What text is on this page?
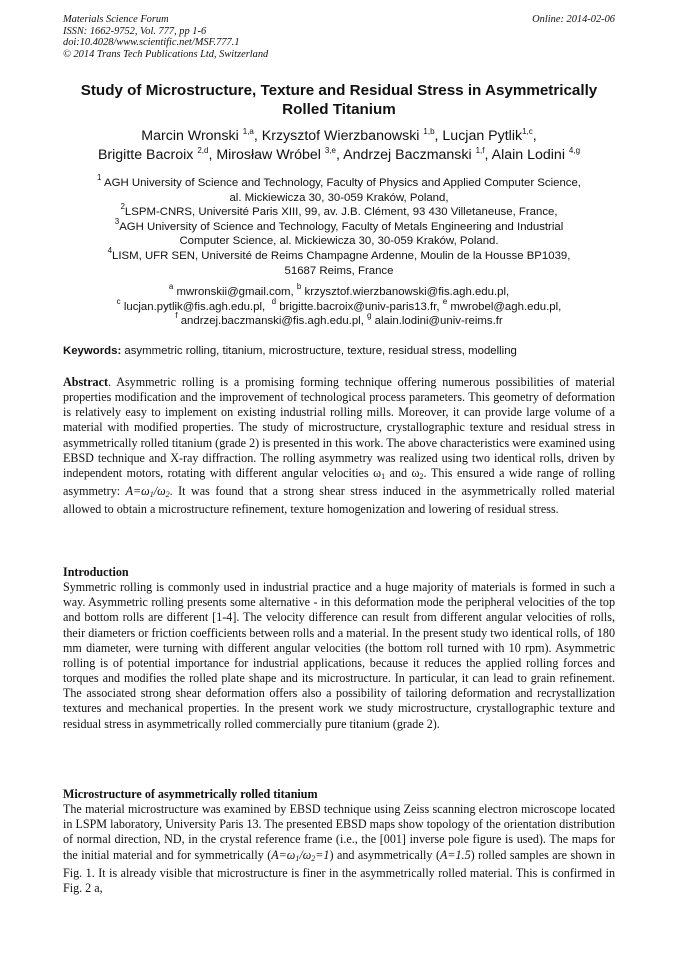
Materials Science Forum
ISSN: 1662-9752, Vol. 777, pp 1-6
doi:10.4028/www.scientific.net/MSF.777.1
© 2014 Trans Tech Publications Ltd, Switzerland
Online: 2014-02-06
Study of Microstructure, Texture and Residual Stress in Asymmetrically
Rolled Titanium
Marcin Wronski $^{1,a}$, Krzysztof Wierzbanowski $^{1,b}$, Lucjan Pytlik$^{1,c}$,
Brigitte Bacroix $^{2,d}$, Mirosław Wróbel $^{3,e}$, Andrzej Baczmanski $^{1,f}$, Alain Lodini $^{4,g}$
$^1$ AGH University of Science and Technology, Faculty of Physics and Applied Computer Science,
al. Mickiewicza 30, 30-059 Kraków, Poland,
$^2$LSPM-CNRS, Université Paris XIII, 99, av. J.B. Clément, 93 430 Villetaneuse, France,
$^3$AGH University of Science and Technology, Faculty of Metals Engineering and Industrial
Computer Science, al. Mickiewicza 30, 30-059 Kraków, Poland.
$^4$LISM, UFR SEN, Université de Reims Champagne Ardenne, Moulin de la Housse BP1039,
51687 Reims, France
$^a$ mwronskii@gmail.com, $^b$ krzysztof.wierzbanowski@fis.agh.edu.pl,
$^c$ lucjan.pytlik@fis.agh.edu.pl, $^d$ brigitte.bacroix@univ-paris13.fr, $^e$ mwrobel@agh.edu.pl,
$^f$ andrzej.baczmanski@fis.agh.edu.pl, $^g$ alain.lodini@univ-reims.fr
Keywords: asymmetric rolling, titanium, microstructure, texture, residual stress, modelling

Abstract. Asymmetric rolling is a promising forming technique offering numerous possibilities of material properties modification and the improvement of technological process parameters. This geometry of deformation is relatively easy to implement on existing industrial rolling mills. Moreover, it can provide large volume of a material with modified properties. The study of microstructure, crystallographic texture and residual stress in asymmetrically rolled titanium (grade 2) is presented in this work. The above characteristics were examined using EBSD technique and X-ray diffraction. The rolling asymmetry was realized using two identical rolls, driven by independent motors, rotating with different angular velocities $\omega_1$ and $\omega_2$. This ensured a wide range of rolling asymmetry: $A=\omega_1/\omega_2$. It was found that a strong shear stress induced in the asymmetrically rolled material allowed to obtain a microstructure refinement, texture homogenization and lowering of residual stress.

Introduction

Symmetric rolling is commonly used in industrial practice and a huge majority of materials is formed in such a way. Asymmetric rolling presents some alternative - in this deformation mode the peripheral velocities of the top and bottom rolls are different [1-4]. The velocity difference can result from different angular velocities of rolls, their diameters or friction coefficients between rolls and a material. In the present study two identical rolls, of 180 mm diameter, were turning with different angular velocities (the bottom roll turned with 10 rpm). Asymmetric rolling is of potential importance for industrial applications, because it reduces the applied rolling forces and torques and modifies the rolled plate shape and its microstructure. In particular, it can lead to grain refinement. The associated strong shear deformation offers also a possibility of tailoring deformation and recrystallization textures and mechanical properties. In the present work we study microstructure, crystallographic texture and residual stress in asymmetrically rolled commercially pure titanium (grade 2).

Microstructure of asymmetrically rolled titanium

The material microstructure was examined by EBSD technique using Zeiss scanning electron microscope located in LSPM laboratory, University Paris 13. The presented EBSD maps show topology of the orientation distribution of normal direction, ND, in the crystal reference frame (i.e., the [001] inverse pole figure is used). The maps for the initial material and for symmetrically $(A=\omega_1/\omega_2=1)$ and asymmetrically (A=1.5) rolled samples are shown in Fig. 1. It is already visible that microstructure is finer in the asymmetrically rolled material. This is confirmed in Fig. 2 a,
